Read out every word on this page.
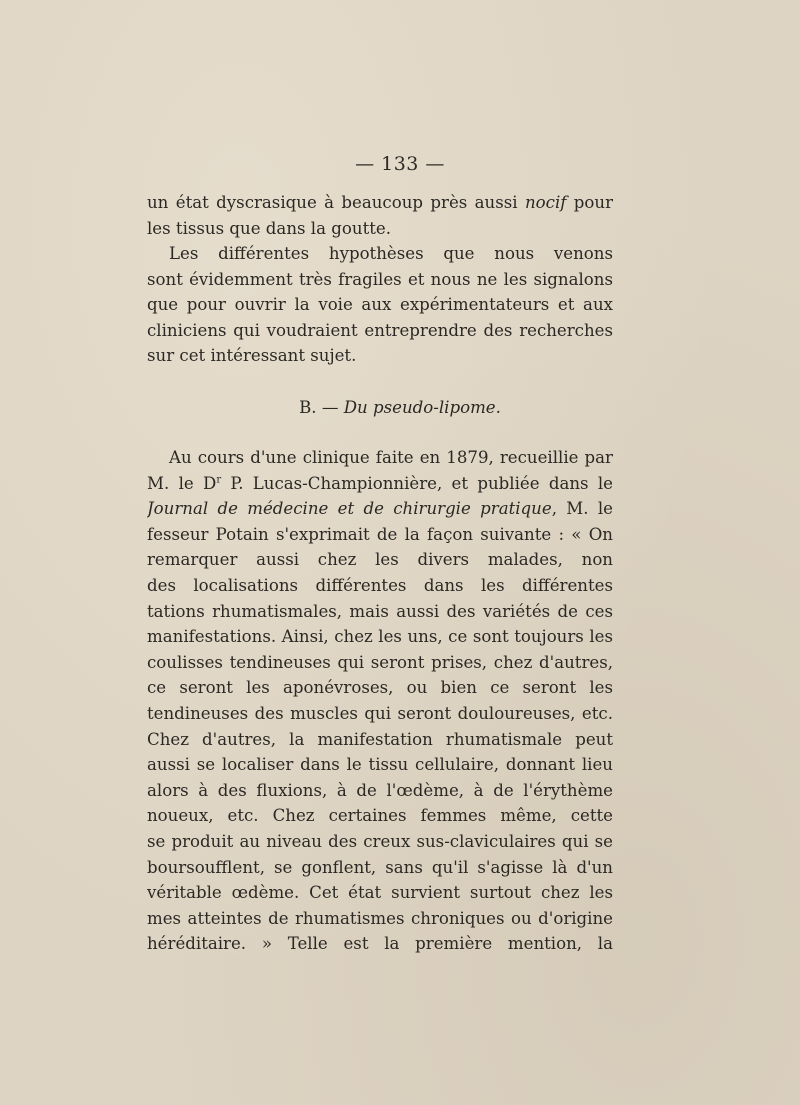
— 133 —
un état dyscrasique à beaucoup près aussi nocif pour
les tissus que dans la goutte.
Les différentes hypothèses que nous venons
sont évidemment très fragiles et nous ne les signalons
que pour ouvrir la voie aux expérimentateurs et aux
cliniciens qui voudraient entreprendre des recherches
sur cet intéressant sujet.
B. — Du pseudo-lipome.
Au cours d'une clinique faite en 1879, recueillie par
M. le $D^r$ P. Lucas-Championnière, et publiée dans le
Journal de médecine et de chirurgie pratique, M. le
fesseur Potain s'exprimait de la façon suivante : « On
remarquer aussi chez les divers malades, non
des localisations différentes dans les différentes
tations rhumatismales, mais aussi des variétés de ces
manifestations. Ainsi, chez les uns, ce sont toujours les
coulisses tendineuses qui seront prises, chez d'autres,
ce seront les aponévroses, ou bien ce seront les
tendineuses des muscles qui seront douloureuses, etc.
Chez d'autres, la manifestation rhumatismale peut
aussi se localiser dans le tissu cellulaire, donnant lieu
alors à des fluxions, à de l'œdème, à de l'érythème
noueux, etc. Chez certaines femmes même, cette
se produit au niveau des creux sus-claviculaires qui se
boursoufflent, se gonflent, sans qu'il s'agisse là d'un
véritable œdème. Cet état survient surtout chez les
mes atteintes de rhumatismes chroniques ou d'origine
héréditaire. » Telle est la première mention, la
